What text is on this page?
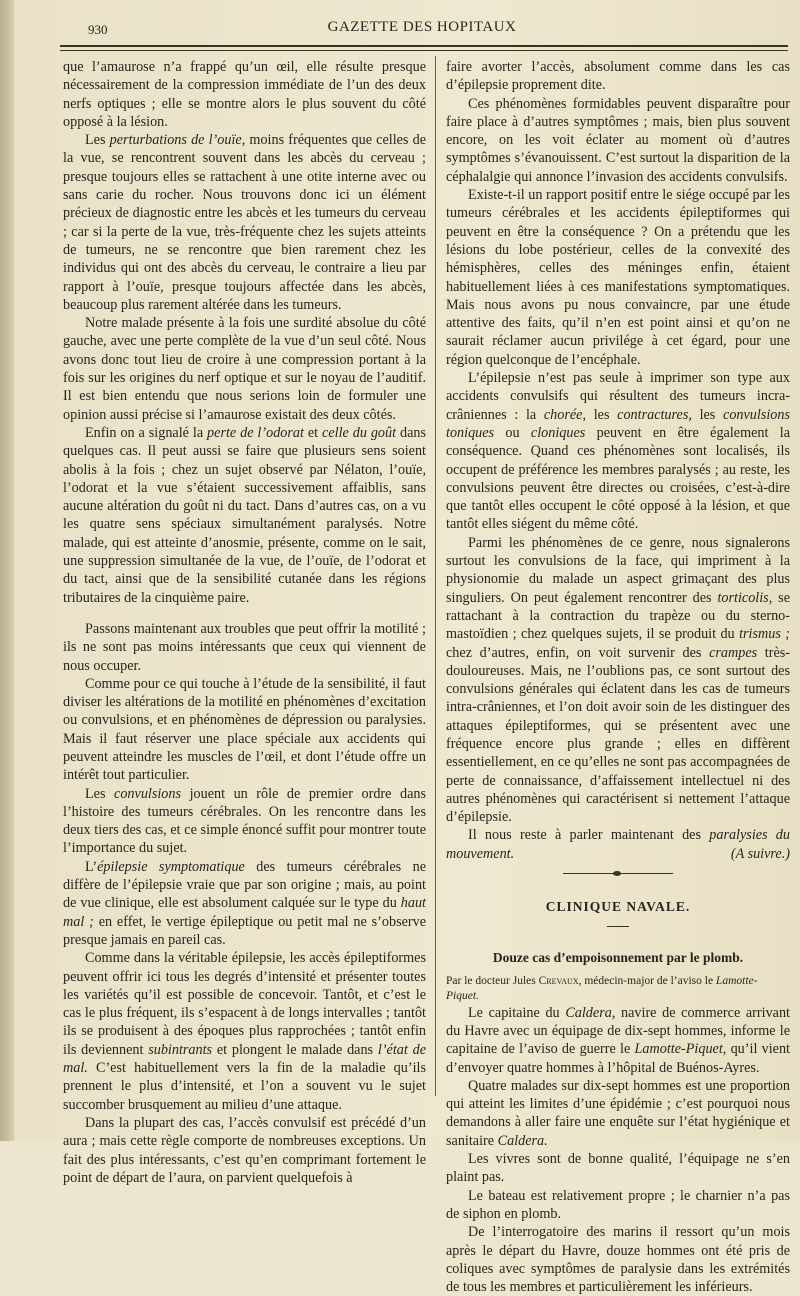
930	GAZETTE DES HOPITAUX

que l’amaurose n’a frappé qu’un œil, elle résulte presque nécessairement de la compression immédiate de l’un des deux nerfs optiques ; elle se montre alors le plus souvent du côté opposé à la lésion.

Les perturbations de l’ouïe, moins fréquentes que celles de la vue, se rencontrent souvent dans les abcès du cerveau ; presque toujours elles se rattachent à une otite interne avec ou sans carie du rocher. Nous trouvons donc ici un élément précieux de diagnostic entre les abcès et les tumeurs du cerveau ; car si la perte de la vue, très-fréquente chez les sujets atteints de tumeurs, ne se rencontre que bien rarement chez les individus qui ont des abcès du cerveau, le contraire a lieu par rapport à l’ouïe, presque toujours affectée dans les abcès, beaucoup plus rarement altérée dans les tumeurs.

Notre malade présente à la fois une surdité absolue du côté gauche, avec une perte complète de la vue d’un seul côté. Nous avons donc tout lieu de croire à une compression portant à la fois sur les origines du nerf optique et sur le noyau de l’auditif. Il est bien entendu que nous serions loin de formuler une opinion aussi précise si l’amaurose existait des deux côtés.

Enfin on a signalé la perte de l’odorat et celle du goût dans quelques cas. Il peut aussi se faire que plusieurs sens soient abolis à la fois ; chez un sujet observé par Nélaton, l’ouïe, l’odorat et la vue s’étaient successivement affaiblis, sans aucune altération du goût ni du tact. Dans d’autres cas, on a vu les quatre sens spéciaux simultanément paralysés. Notre malade, qui est atteinte d’anosmie, présente, comme on le sait, une suppression simultanée de la vue, de l’ouïe, de l’odorat et du tact, ainsi que de la sensibilité cutanée dans les régions tributaires de la cinquième paire.

Passons maintenant aux troubles que peut offrir la motilité ; ils ne sont pas moins intéressants que ceux qui viennent de nous occuper.

Comme pour ce qui touche à l’étude de la sensibilité, il faut diviser les altérations de la motilité en phénomènes d’excitation ou convulsions, et en phénomènes de dépression ou paralysies. Mais il faut réserver une place spéciale aux accidents qui peuvent atteindre les muscles de l’œil, et dont l’étude offre un intérêt tout particulier.

Les convulsions jouent un rôle de premier ordre dans l’histoire des tumeurs cérébrales. On les rencontre dans les deux tiers des cas, et ce simple énoncé suffit pour montrer toute l’importance du sujet.

L’épilepsie symptomatique des tumeurs cérébrales ne diffère de l’épilepsie vraie que par son origine ; mais, au point de vue clinique, elle est absolument calquée sur le type du haut mal ; en effet, le vertige épileptique ou petit mal ne s’observe presque jamais en pareil cas.

Comme dans la véritable épilepsie, les accès épileptiformes peuvent offrir ici tous les degrés d’intensité et présenter toutes les variétés qu’il est possible de concevoir. Tantôt, et c’est le cas le plus fréquent, ils s’espacent à de longs intervalles ; tantôt ils se produisent à des époques plus rapprochées ; tantôt enfin ils deviennent subintrants et plongent le malade dans l’état de mal. C’est habituellement vers la fin de la maladie qu’ils prennent le plus d’intensité, et l’on a souvent vu le sujet succomber brusquement au milieu d’une attaque.

Dans la plupart des cas, l’accès convulsif est précédé d’un aura ; mais cette règle comporte de nombreuses exceptions. Un fait des plus intéressants, c’est qu’en comprimant fortement le point de départ de l’aura, on parvient quelquefois à

faire avorter l’accès, absolument comme dans les cas d’épilepsie proprement dite.

Ces phénomènes formidables peuvent disparaître pour faire place à d’autres symptômes ; mais, bien plus souvent encore, on les voit éclater au moment où d’autres symptômes s’évanouissent. C’est surtout la disparition de la céphalalgie qui annonce l’invasion des accidents convulsifs.

Existe-t-il un rapport positif entre le siége occupé par les tumeurs cérébrales et les accidents épileptiformes qui peuvent en être la conséquence ? On a prétendu que les lésions du lobe postérieur, celles de la convexité des hémisphères, celles des méninges enfin, étaient habituellement liées à ces manifestations symptomatiques. Mais nous avons pu nous convaincre, par une étude attentive des faits, qu’il n’en est point ainsi et qu’on ne saurait réclamer aucun privilége à cet égard, pour une région quelconque de l’encéphale.

L’épilepsie n’est pas seule à imprimer son type aux accidents convulsifs qui résultent des tumeurs incra-crâniennes : la chorée, les contractures, les convulsions toniques ou cloniques peuvent en être également la conséquence. Quand ces phénomènes sont localisés, ils occupent de préférence les membres paralysés ; au reste, les convulsions peuvent être directes ou croisées, c’est-à-dire que tantôt elles occupent le côté opposé à la lésion, et que tantôt elles siégent du même côté.

Parmi les phénomènes de ce genre, nous signalerons surtout les convulsions de la face, qui impriment à la physionomie du malade un aspect grimaçant des plus singuliers. On peut également rencontrer des torticolis, se rattachant à la contraction du trapèze ou du sterno-mastoïdien ; chez quelques sujets, il se produit du trismus ; chez d’autres, enfin, on voit survenir des crampes très-douloureuses. Mais, ne l’oublions pas, ce sont surtout des convulsions générales qui éclatent dans les cas de tumeurs intra-crâniennes, et l’on doit avoir soin de les distinguer des attaques épileptiformes, qui se présentent avec une fréquence encore plus grande ; elles en diffèrent essentiellement, en ce qu’elles ne sont pas accompagnées de perte de connaissance, d’affaissement intellectuel ni des autres phénomènes qui caractérisent si nettement l’attaque d’épilepsie.

Il nous reste à parler maintenant des paralysies du mouvement.	(A suivre.)

CLINIQUE NAVALE.
Douze cas d’empoisonnement par le plomb.
Par le docteur Jules Crevaux, médecin-major de l’aviso le Lamotte-Piquet.

Le capitaine du Caldera, navire de commerce arrivant du Havre avec un équipage de dix-sept hommes, informe le capitaine de l’aviso de guerre le Lamotte-Piquet, qu’il vient d’envoyer quatre hommes à l’hôpital de Buénos-Ayres.

Quatre malades sur dix-sept hommes est une proportion qui atteint les limites d’une épidémie ; c’est pourquoi nous demandons à aller faire une enquête sur l’état hygiénique et sanitaire Caldera.

Les vivres sont de bonne qualité, l’équipage ne s’en plaint pas.

Le bateau est relativement propre ; le charnier n’a pas de siphon en plomb.

De l’interrogatoire des marins il ressort qu’un mois après le départ du Havre, douze hommes ont été pris de coliques avec symptômes de paralysie dans les extrémités de tous les membres et particulièrement les inférieurs.
